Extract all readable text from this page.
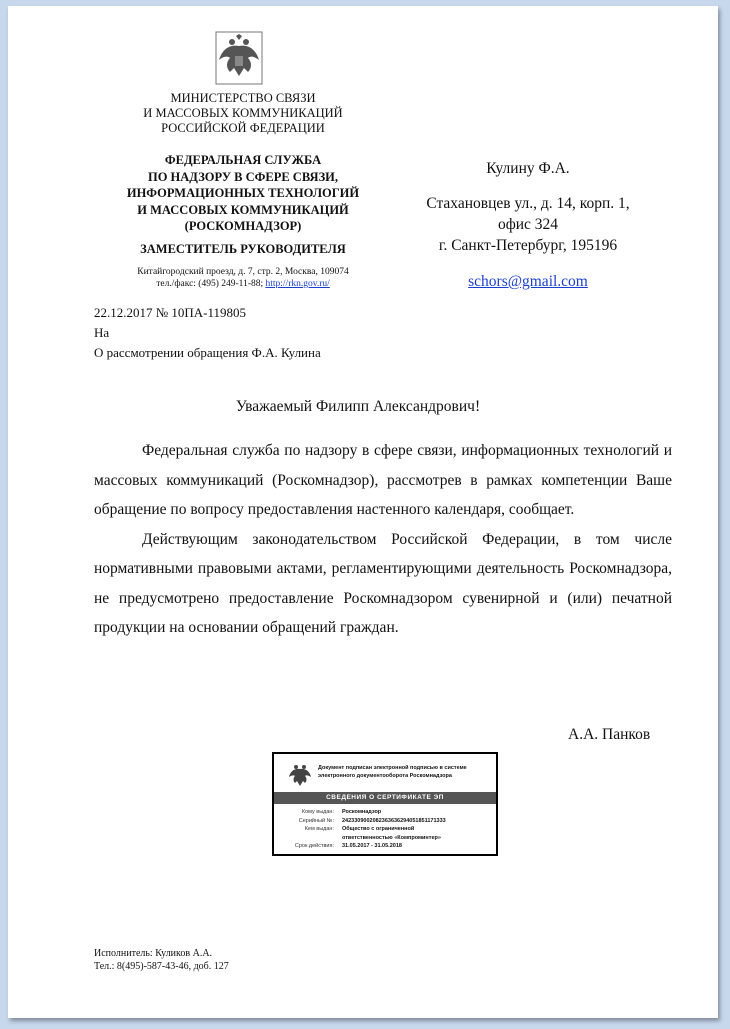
МИНИСТЕРСТВО СВЯЗИ
И МАССОВЫХ КОММУНИКАЦИЙ
РОССИЙСКОЙ ФЕДЕРАЦИИ
ФЕДЕРАЛЬНАЯ СЛУЖБА
ПО НАДЗОРУ В СФЕРЕ СВЯЗИ,
ИНФОРМАЦИОННЫХ ТЕХНОЛОГИЙ
И МАССОВЫХ КОММУНИКАЦИЙ
(РОСКОМНАДЗОР)
ЗАМЕСТИТЕЛЬ РУКОВОДИТЕЛЯ
Китайгородский проезд, д. 7, стр. 2, Москва, 109074
тел./факс: (495) 249-11-88; http://rkn.gov.ru/
Кулину Ф.А.
Стахановцев ул., д. 14, корп. 1,
офис 324
г. Санкт-Петербург, 195196
schors@gmail.com
22.12.2017 № 10ПА-119805
На
О рассмотрении обращения Ф.А. Кулина
Уважаемый Филипп Александрович!

Федеральная служба по надзору в сфере связи, информационных технологий и массовых коммуникаций (Роскомнадзор), рассмотрев в рамках компетенции Ваше обращение по вопросу предоставления настенного календаря, сообщает.

Действующим законодательством Российской Федерации, в том числе нормативными правовыми актами, регламентирующими деятельность Роскомнадзора, не предусмотрено предоставление Роскомнадзором сувенирной и (или) печатной продукции на основании обращений граждан.

А.А. Панков
Документ подписан электронной подписью в системе
электронного документооборота Роскомнадзора
СВЕДЕНИЯ О СЕРТИФИКАТЕ ЭП
Кому выдан:	Роскомнадзор
Серийный №:	2423309002082363636294051851171333
Кем выдан:	Общество с ограниченной
ответственностью «Компроминтер»
Срок действия:	31.05.2017 - 31.05.2018
Исполнитель: Куликов А.А.
Тел.: 8(495)-587-43-46, доб. 127
